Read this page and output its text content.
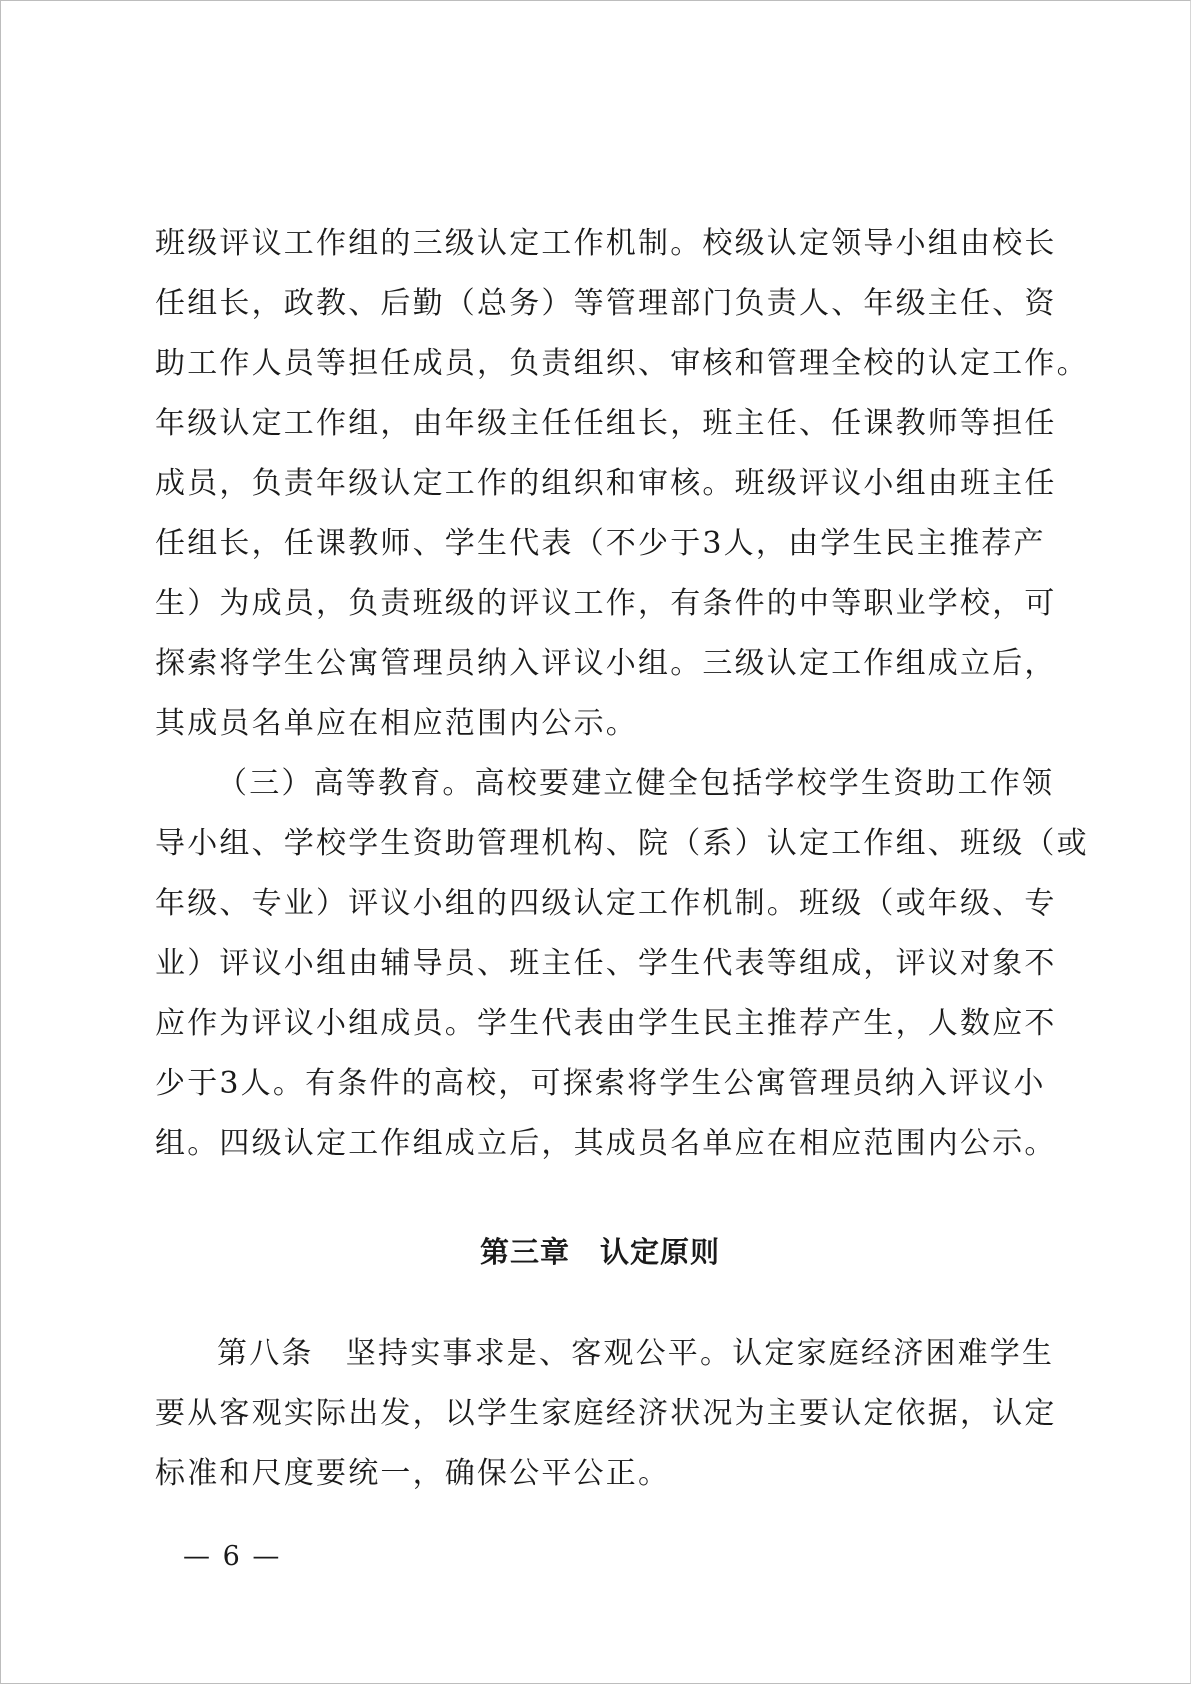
班级评议工作组的三级认定工作机制。校级认定领导小组由校长
任组长，政教、后勤（总务）等管理部门负责人、年级主任、资
助工作人员等担任成员，负责组织、审核和管理全校的认定工作。
年级认定工作组，由年级主任任组长，班主任、任课教师等担任
成员，负责年级认定工作的组织和审核。班级评议小组由班主任
任组长，任课教师、学生代表（不少于3人，由学生民主推荐产
生）为成员，负责班级的评议工作，有条件的中等职业学校，可
探索将学生公寓管理员纳入评议小组。三级认定工作组成立后，
其成员名单应在相应范围内公示。
（三）高等教育。高校要建立健全包括学校学生资助工作领
导小组、学校学生资助管理机构、院（系）认定工作组、班级（或
年级、专业）评议小组的四级认定工作机制。班级（或年级、专
业）评议小组由辅导员、班主任、学生代表等组成，评议对象不
应作为评议小组成员。学生代表由学生民主推荐产生，人数应不
少于3人。有条件的高校，可探索将学生公寓管理员纳入评议小
组。四级认定工作组成立后，其成员名单应在相应范围内公示。
第三章　认定原则
第八条　坚持实事求是、客观公平。认定家庭经济困难学生
要从客观实际出发，以学生家庭经济状况为主要认定依据，认定
标准和尺度要统一，确保公平公正。
— 6 —
